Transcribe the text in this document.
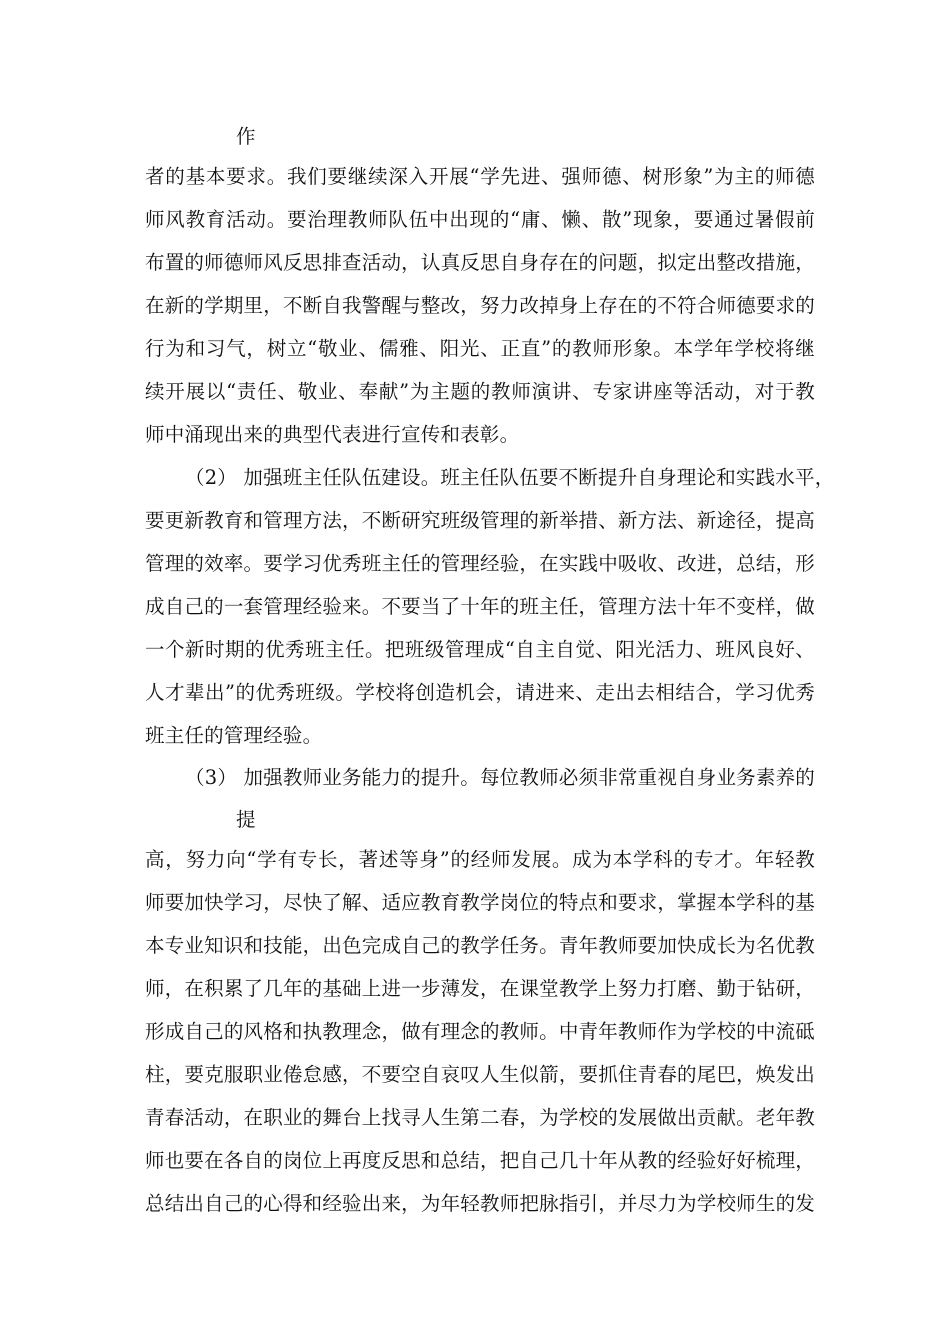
作
者的基本要求。我们要继续深入开展“学先进、强师德、树形象”为主的师德
师风教育活动。要治理教师队伍中出现的“庸、懒、散”现象，要通过暑假前
布置的师德师风反思排查活动，认真反思自身存在的问题，拟定出整改措施，
在新的学期里，不断自我警醒与整改，努力改掉身上存在的不符合师德要求的
行为和习气，树立“敬业、儒雅、阳光、正直”的教师形象。本学年学校将继
续开展以“责任、敬业、奉献”为主题的教师演讲、专家讲座等活动，对于教
师中涌现出来的典型代表进行宣传和表彰。
（2） 加强班主任队伍建设。班主任队伍要不断提升自身理论和实践水平，
要更新教育和管理方法，不断研究班级管理的新举措、新方法、新途径，提高
管理的效率。要学习优秀班主任的管理经验，在实践中吸收、改进，总结，形
成自己的一套管理经验来。不要当了十年的班主任，管理方法十年不变样，做
一个新时期的优秀班主任。把班级管理成“自主自觉、阳光活力、班风良好、
人才辈出”的优秀班级。学校将创造机会，请进来、走出去相结合，学习优秀
班主任的管理经验。
（3） 加强教师业务能力的提升。每位教师必须非常重视自身业务素养的
提
高，努力向“学有专长，著述等身”的经师发展。成为本学科的专才。年轻教
师要加快学习，尽快了解、适应教育教学岗位的特点和要求，掌握本学科的基
本专业知识和技能，出色完成自己的教学任务。青年教师要加快成长为名优教
师，在积累了几年的基础上进一步薄发，在课堂教学上努力打磨、勤于钻研，
形成自己的风格和执教理念，做有理念的教师。中青年教师作为学校的中流砥
柱，要克服职业倦怠感，不要空自哀叹人生似箭，要抓住青春的尾巴，焕发出
青春活动，在职业的舞台上找寻人生第二春，为学校的发展做出贡献。老年教
师也要在各自的岗位上再度反思和总结，把自己几十年从教的经验好好梳理，
总结出自己的心得和经验出来，为年轻教师把脉指引，并尽力为学校师生的发
